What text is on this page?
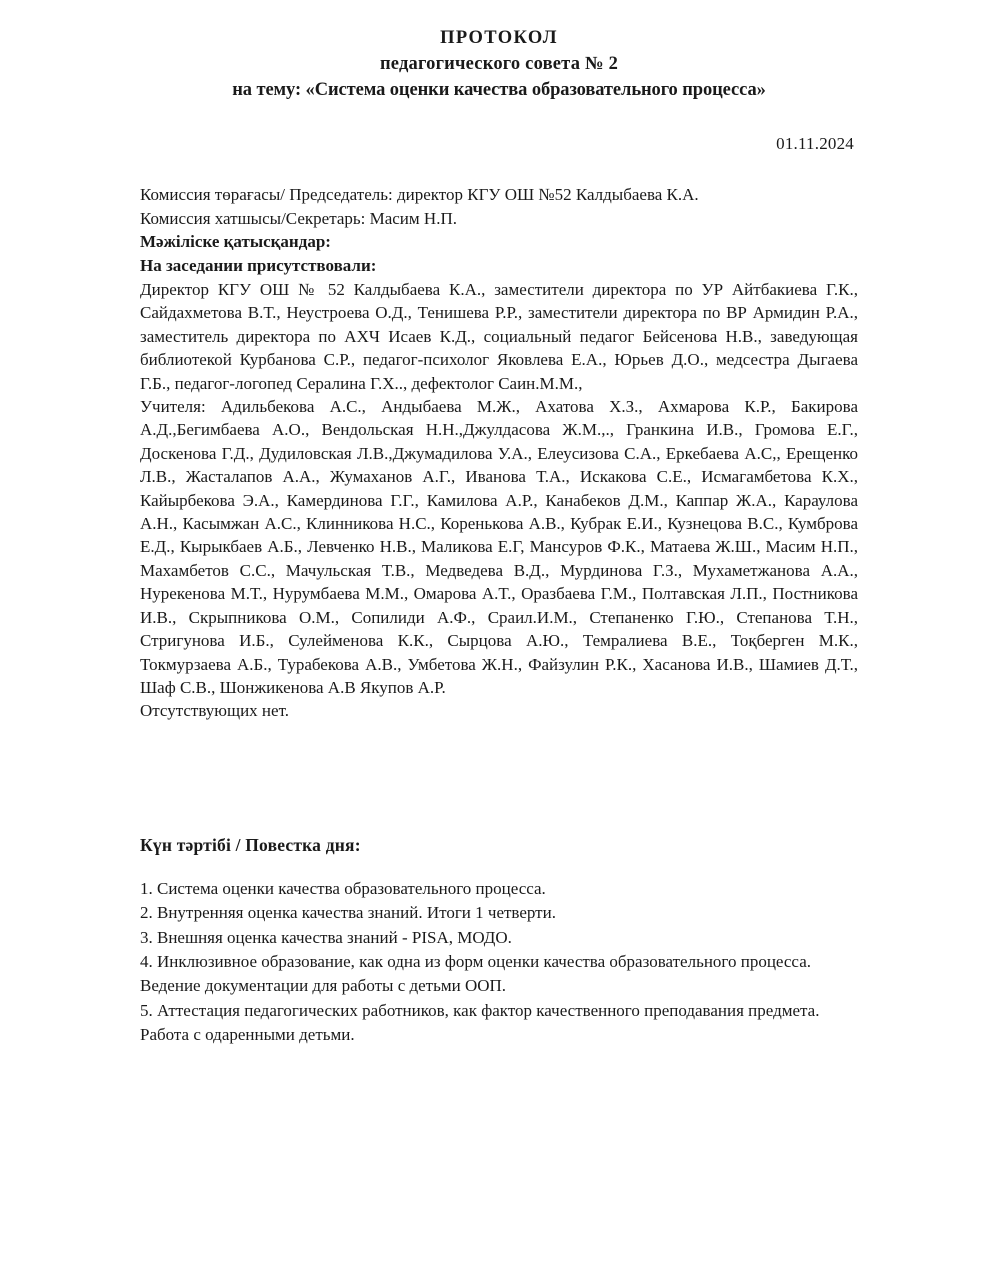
ПРОТОКОЛ
педагогического совета № 2
на тему: «Система оценки качества образовательного процесса»
01.11.2024
Комиссия төрағасы/ Председатель: директор КГУ ОШ №52 Калдыбаева К.А.
Комиссия хатшысы/Секретарь: Масим Н.П.
Мәжіліске қатысқандар:
На заседании присутствовали:

Директор КГУ ОШ № 52 Калдыбаева К.А., заместители директора по УР Айтбакиева Г.К., Сайдахметова В.Т., Неустроева О.Д., Тенишева Р.Р., заместители директора по ВР Армидин Р.А., заместитель директора по АХЧ Исаев К.Д., социальный педагог Бейсенова Н.В., заведующая библиотекой Курбанова С.Р., педагог-психолог Яковлева Е.А., Юрьев Д.О., медсестра Дыгаева Г.Б., педагог-логопед Сералина Г.Х.., дефектолог Саин.М.М.,

Учителя: Адильбекова А.С., Андыбаева М.Ж., Ахатова Х.З., Ахмарова К.Р., Бакирова А.Д.,Бегимбаева А.О., Вендольская Н.Н.,Джулдасова Ж.М.,., Гранкина И.В., Громова Е.Г., Доскенова Г.Д., Дудиловская Л.В.,Джумадилова У.А., Елеусизова С.А., Еркебаева А.С,, Ерещенко Л.В., Жасталапов А.А., Жумаханов А.Г., Иванова Т.А., Искакова С.Е., Исмагамбетова К.Х., Кайырбекова Э.А., Камердинова Г.Г., Камилова А.Р., Канабеков Д.М., Каппар Ж.А., Караулова А.Н., Касымжан А.С., Клинникова Н.С., Коренькова А.В., Кубрак Е.И., Кузнецова В.С., Кумброва Е.Д., Кырыкбаев А.Б., Левченко Н.В., Маликова Е.Г, Мансуров Ф.К., Матаева Ж.Ш., Масим Н.П., Махамбетов С.С., Мачульская Т.В., Медведева В.Д., Мурдинова Г.З., Мухаметжанова А.А., Нурекенова М.Т., Нурумбаева М.М., Омарова А.Т., Оразбаева Г.М., Полтавская Л.П., Постникова И.В., Скрыпникова О.М., Сопилиди А.Ф., Сраил.И.М., Степаненко Г.Ю., Степанова Т.Н., Стригунова И.Б., Сулейменова К.К., Сырцова А.Ю., Темралиева В.Е., Тоқберген М.К., Токмурзаева А.Б., Турабекова А.В., Умбетова Ж.Н., Файзулин Р.К., Хасанова И.В., Шамиев Д.Т., Шаф С.В., Шонжикенова А.В Якупов А.Р.

Отсутствующих нет.

Күн тәртібі / Повестка дня:

1. Система оценки качества образовательного процесса.

2. Внутренняя оценка качества знаний. Итоги 1 четверти.

3. Внешняя оценка качества знаний - PISA, МОДО.

4. Инклюзивное образование, как одна из форм оценки качества образовательного процесса. Ведение документации для работы с детьми ООП.

5. Аттестация педагогических работников, как фактор качественного преподавания предмета. Работа с одаренными детьми.
